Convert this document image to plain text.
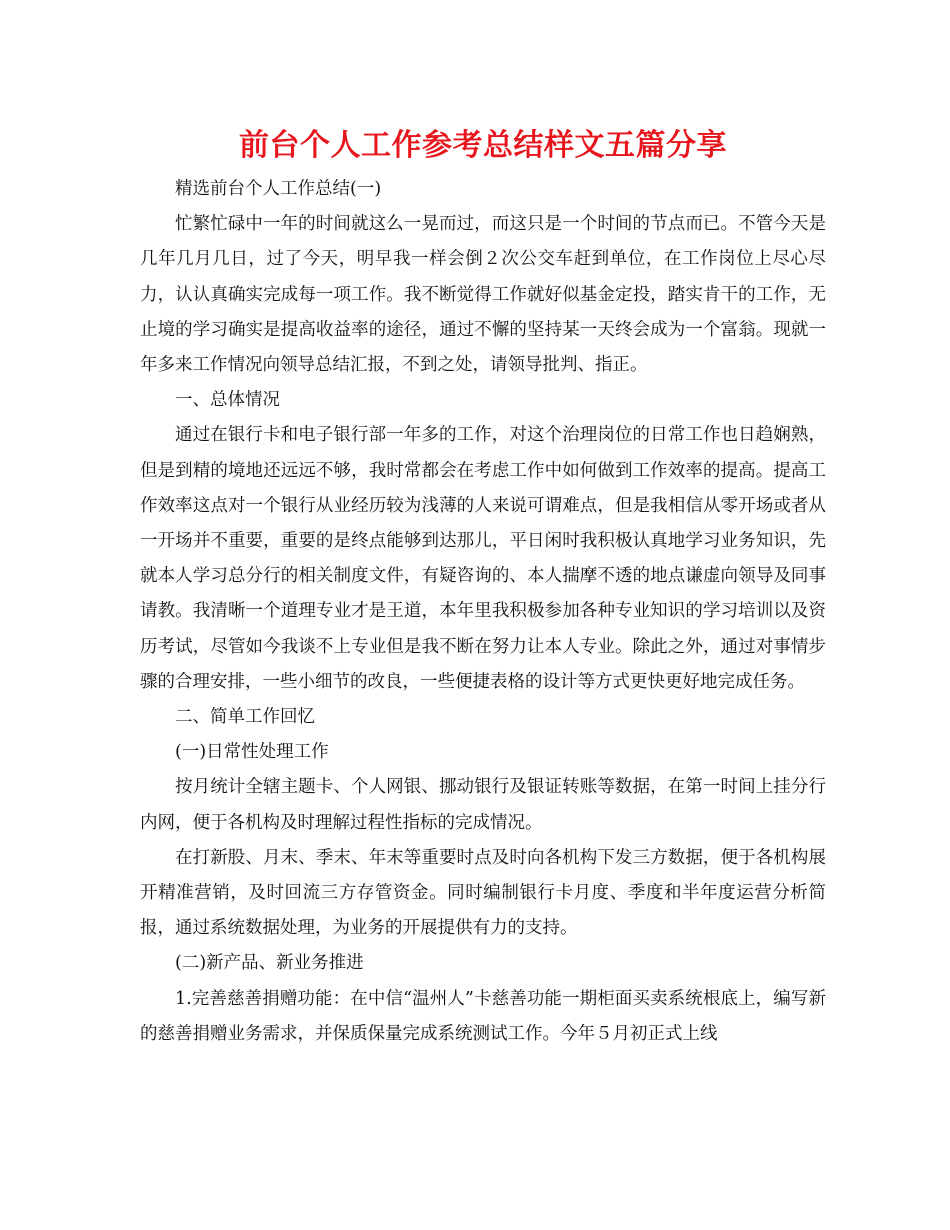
前台个人工作参考总结样文五篇分享

精选前台个人工作总结(一)

忙繁忙碌中一年的时间就这么一晃而过，而这只是一个时间的节点而已。不管今天是几年几月几日，过了今天，明早我一样会倒２次公交车赶到单位，在工作岗位上尽心尽力，认认真确实完成每一项工作。我不断觉得工作就好似基金定投，踏实肯干的工作，无止境的学习确实是提高收益率的途径，通过不懈的坚持某一天终会成为一个富翁。现就一年多来工作情况向领导总结汇报，不到之处，请领导批判、指正。

一、总体情况

通过在银行卡和电子银行部一年多的工作，对这个治理岗位的日常工作也日趋娴熟，但是到精的境地还远远不够，我时常都会在考虑工作中如何做到工作效率的提高。提高工作效率这点对一个银行从业经历较为浅薄的人来说可谓难点，但是我相信从零开场或者从一开场并不重要，重要的是终点能够到达那儿，平日闲时我积极认真地学习业务知识，先就本人学习总分行的相关制度文件，有疑咨询的、本人揣摩不透的地点谦虚向领导及同事请教。我清晰一个道理专业才是王道，本年里我积极参加各种专业知识的学习培训以及资历考试，尽管如今我谈不上专业但是我不断在努力让本人专业。除此之外，通过对事情步骤的合理安排，一些小细节的改良，一些便捷表格的设计等方式更快更好地完成任务。

二、简单工作回忆

(一)日常性处理工作

按月统计全辖主题卡、个人网银、挪动银行及银证转账等数据，在第一时间上挂分行内网，便于各机构及时理解过程性指标的完成情况。

在打新股、月末、季末、年末等重要时点及时向各机构下发三方数据，便于各机构展开精准营销，及时回流三方存管资金。同时编制银行卡月度、季度和半年度运营分析简报，通过系统数据处理，为业务的开展提供有力的支持。

(二)新产品、新业务推进

1.完善慈善捐赠功能：在中信“温州人”卡慈善功能一期柜面买卖系统根底上，编写新的慈善捐赠业务需求，并保质保量完成系统测试工作。今年５月初正式上线
